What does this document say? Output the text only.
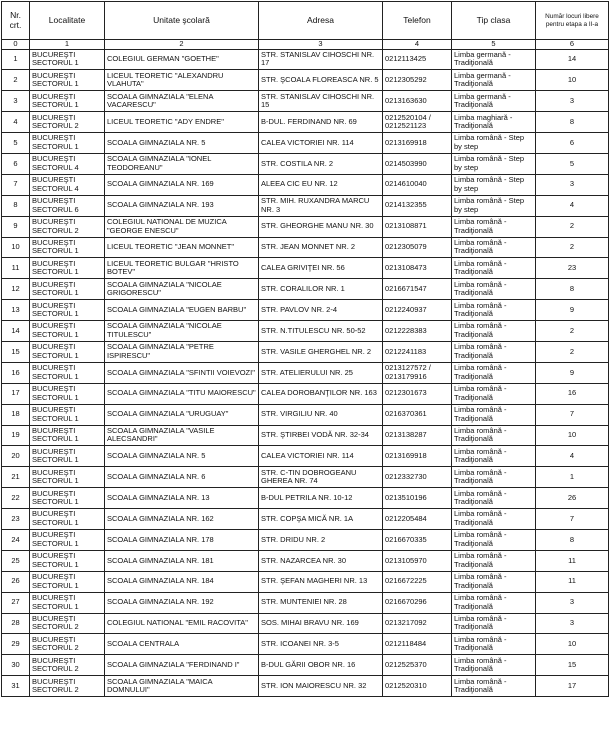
Nr. crt.	Localitate	Unitate şcolară	Adresa	Telefon	Tip clasa	Număr locuri libere pentru etapa a II-a
0	1	2	3	4	5	6
1	BUCUREŞTI SECTORUL 1	COLEGIUL GERMAN "GOETHE"	STR. STANISLAV CIHOSCHI NR. 17	0212113425	Limba germană - Tradiţională	14
2	BUCUREŞTI SECTORUL 1	LICEUL TEORETIC "ALEXANDRU VLAHUTA"	STR. ŞCOALA FLOREASCA NR. 5	0212305292	Limba germană - Tradiţională	10
3	BUCUREŞTI SECTORUL 1	SCOALA GIMNAZIALA "ELENA VACARESCU"	STR. STANISLAV CIHOSCHI NR. 15	0213163630	Limba germană - Tradiţională	3
4	BUCUREŞTI SECTORUL 2	LICEUL TEORETIC "ADY ENDRE"	B-DUL. FERDINAND NR. 69	0212520104 / 0212521123	Limba maghiară - Tradiţională	8
5	BUCUREŞTI SECTORUL 1	SCOALA GIMNAZIALA NR. 5	CALEA VICTORIEI NR. 114	0213169918	Limba română - Step by step	6
6	BUCUREŞTI SECTORUL 4	SCOALA GIMNAZIALA "IONEL TEODOREANU"	STR. COSTILA NR. 2	0214503990	Limba română - Step by step	5
7	BUCUREŞTI SECTORUL 4	SCOALA GIMNAZIALA NR. 169	ALEEA CIC EU NR. 12	0214610040	Limba română - Step by step	3
8	BUCUREŞTI SECTORUL 6	SCOALA GIMNAZIALA NR. 193	STR. MIH. RUXANDRA MARCU NR. 3	0214132355	Limba română - Step by step	4
9	BUCUREŞTI SECTORUL 2	COLEGIUL NATIONAL DE MUZICA "GEORGE ENESCU"	STR. GHEORGHE MANU NR. 30	0213108871	Limba română - Tradiţională	2
10	BUCUREŞTI SECTORUL 1	LICEUL TEORETIC "JEAN MONNET"	STR. JEAN MONNET NR. 2	0212305079	Limba română - Tradiţională	2
11	BUCUREŞTI SECTORUL 1	LICEUL TEORETIC BULGAR "HRISTO BOTEV"	CALEA GRIVIŢEI NR. 56	0213108473	Limba română - Tradiţională	23
12	BUCUREŞTI SECTORUL 1	SCOALA GIMNAZIALA "NICOLAE GRIGORESCU"	STR. CORALILOR NR. 1	0216671547	Limba română - Tradiţională	8
13	BUCUREŞTI SECTORUL 1	SCOALA GIMNAZIALA "EUGEN BARBU"	STR. PAVLOV NR. 2-4	0212240937	Limba română - Tradiţională	9
14	BUCUREŞTI SECTORUL 1	SCOALA GIMNAZIALA "NICOLAE TITULESCU"	STR. N.TITULESCU NR. 50-52	0212228383	Limba română - Tradiţională	2
15	BUCUREŞTI SECTORUL 1	SCOALA GIMNAZIALA "PETRE ISPIRESCU"	STR. VASILE GHERGHEL NR. 2	0212241183	Limba română - Tradiţională	2
16	BUCUREŞTI SECTORUL 1	SCOALA GIMNAZIALA "SFINTII VOIEVOZI"	STR. ATELIERULUI NR. 25	0213127572 / 0213179916	Limba română - Tradiţională	9
17	BUCUREŞTI SECTORUL 1	SCOALA GIMNAZIALA "TITU MAIORESCU"	CALEA DOROBANŢILOR NR. 163	0212301673	Limba română - Tradiţională	16
18	BUCUREŞTI SECTORUL 1	SCOALA GIMNAZIALA "URUGUAY"	STR. VIRGILIU NR. 40	0216370361	Limba română - Tradiţională	7
19	BUCUREŞTI SECTORUL 1	SCOALA GIMNAZIALA "VASILE ALECSANDRI"	STR. ŞTIRBEI VODĂ NR. 32-34	0213138287	Limba română - Tradiţională	10
20	BUCUREŞTI SECTORUL 1	SCOALA GIMNAZIALA NR. 5	CALEA VICTORIEI NR. 114	0213169918	Limba română - Tradiţională	4
21	BUCUREŞTI SECTORUL 1	SCOALA GIMNAZIALA NR. 6	STR. C-TIN DOBROGEANU GHEREA NR. 74	0212332730	Limba română - Tradiţională	1
22	BUCUREŞTI SECTORUL 1	SCOALA GIMNAZIALA NR. 13	B-DUL PETRILA NR. 10-12	0213510196	Limba română - Tradiţională	26
23	BUCUREŞTI SECTORUL 1	SCOALA GIMNAZIALA NR. 162	STR. COPŞA MICĂ NR. 1A	0212205484	Limba română - Tradiţională	7
24	BUCUREŞTI SECTORUL 1	SCOALA GIMNAZIALA NR. 178	STR. DRIDU NR. 2	0216670335	Limba română - Tradiţională	8
25	BUCUREŞTI SECTORUL 1	SCOALA GIMNAZIALA NR. 181	STR. NAZARCEA NR. 30	0213105970	Limba română - Tradiţională	11
26	BUCUREŞTI SECTORUL 1	SCOALA GIMNAZIALA NR. 184	STR. ŞEFAN MAGHERI NR. 13	0216672225	Limba română - Tradiţională	11
27	BUCUREŞTI SECTORUL 1	SCOALA GIMNAZIALA NR. 192	STR. MUNTENIEI NR. 28	0216670296	Limba română - Tradiţională	3
28	BUCUREŞTI SECTORUL 2	COLEGIUL NATIONAL "EMIL RACOVITA"	SOS. MIHAI BRAVU NR. 169	0213217092	Limba română - Tradiţională	3
29	BUCUREŞTI SECTORUL 2	SCOALA CENTRALA	STR. ICOANEI NR. 3-5	0212118484	Limba română - Tradiţională	10
30	BUCUREŞTI SECTORUL 2	SCOALA GIMNAZIALA "FERDINAND I"	B-DUL GĂRII OBOR NR. 16	0212525370	Limba română - Tradiţională	15
31	BUCUREŞTI SECTORUL 2	SCOALA GIMNAZIALA "MAICA DOMNULUI"	STR. ION MAIORESCU NR. 32	0212520310	Limba română - Tradiţională	17
